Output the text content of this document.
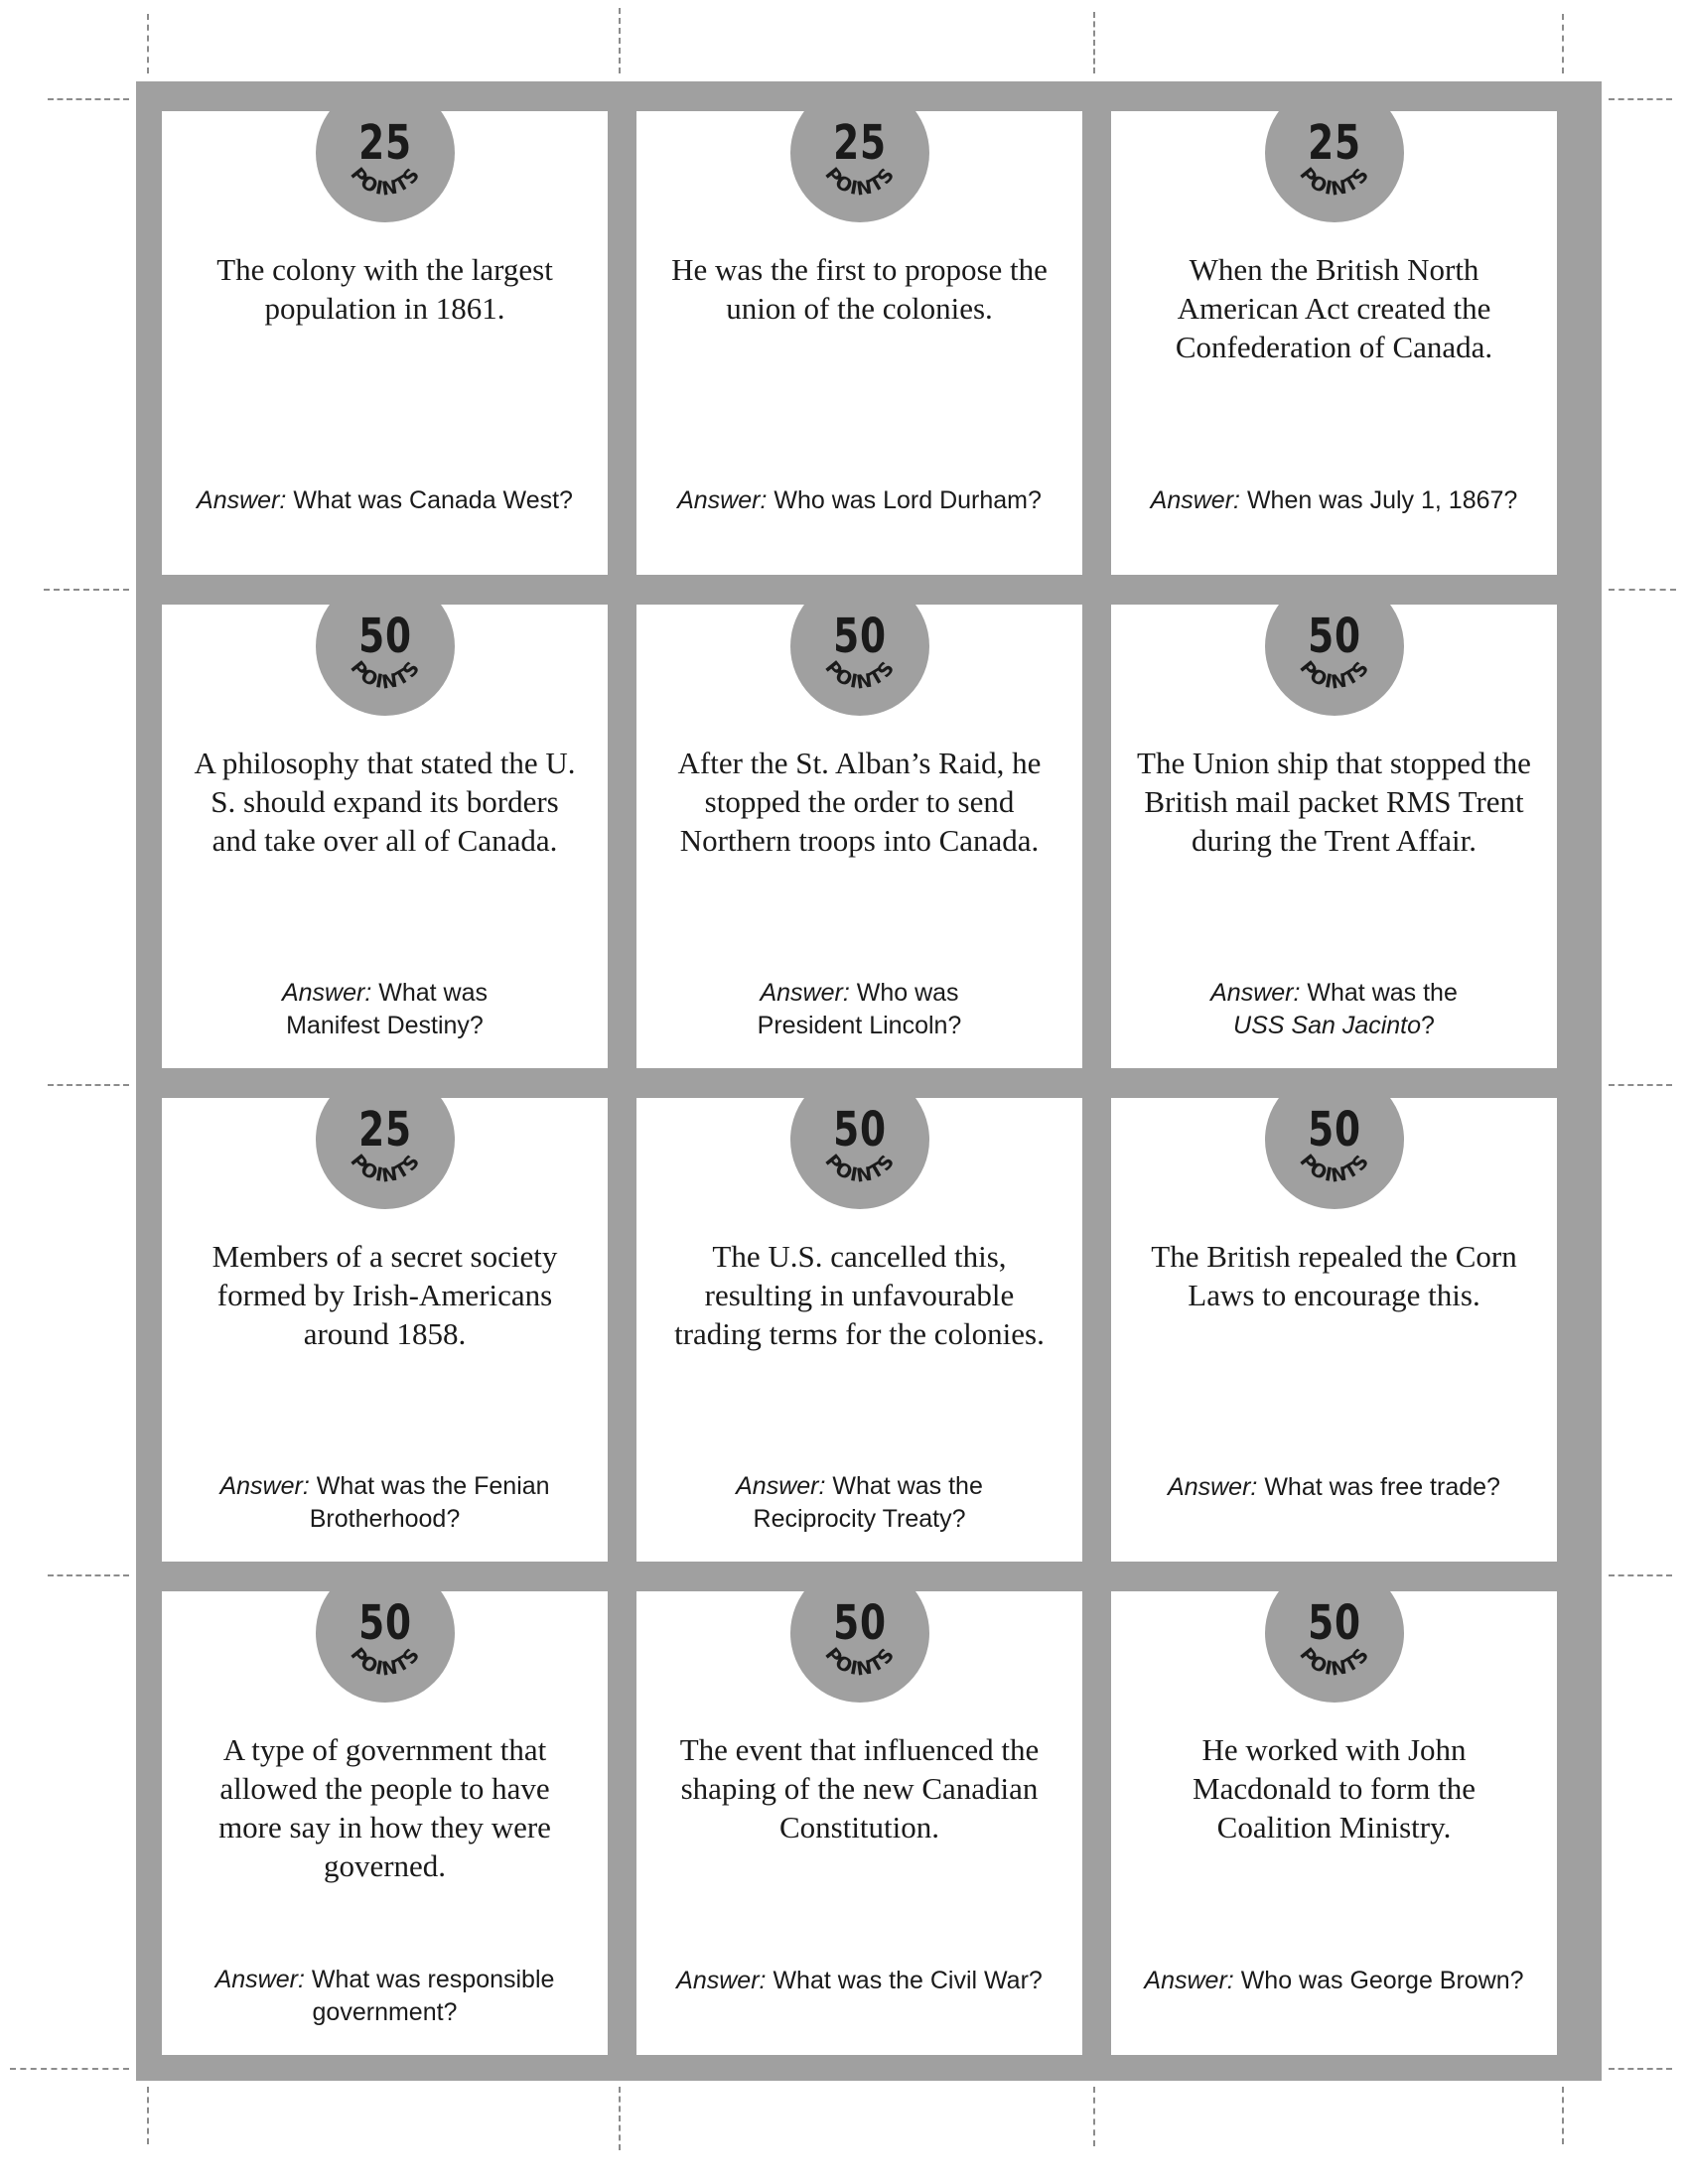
25
POINTS
The colony with the largest population in 1861.
Answer: What was Canada West?
25
POINTS
He was the first to propose the union of the colonies.
Answer: Who was Lord Durham?
25
POINTS
When the British North American Act created the Confederation of Canada.
Answer: When was July 1, 1867?
50
POINTS
A philosophy that stated the U. S. should expand its borders and take over all of Canada.
Answer: What was
Manifest Destiny?
50
POINTS
After the St. Alban’s Raid, he stopped the order to send Northern troops into Canada.
Answer: Who was
President Lincoln?
50
POINTS
The Union ship that stopped the British mail packet RMS Trent during the Trent Affair.
Answer: What was the
USS San Jacinto?
25
POINTS
Members of a secret society formed by Irish-Americans around 1858.
Answer: What was the Fenian
Brotherhood?
50
POINTS
The U.S. cancelled this, resulting in unfavourable trading terms for the colonies.
Answer: What was the
Reciprocity Treaty?
50
POINTS
The British repealed the Corn Laws to encourage this.
Answer: What was free trade?
50
POINTS
A type of government that allowed the people to have more say in how they were governed.
Answer: What was responsible
government?
50
POINTS
The event that influenced the shaping of the new Canadian Constitution.
Answer: What was the Civil War?
50
POINTS
He worked with John Macdonald to form the Coalition Ministry.
Answer: Who was George Brown?
